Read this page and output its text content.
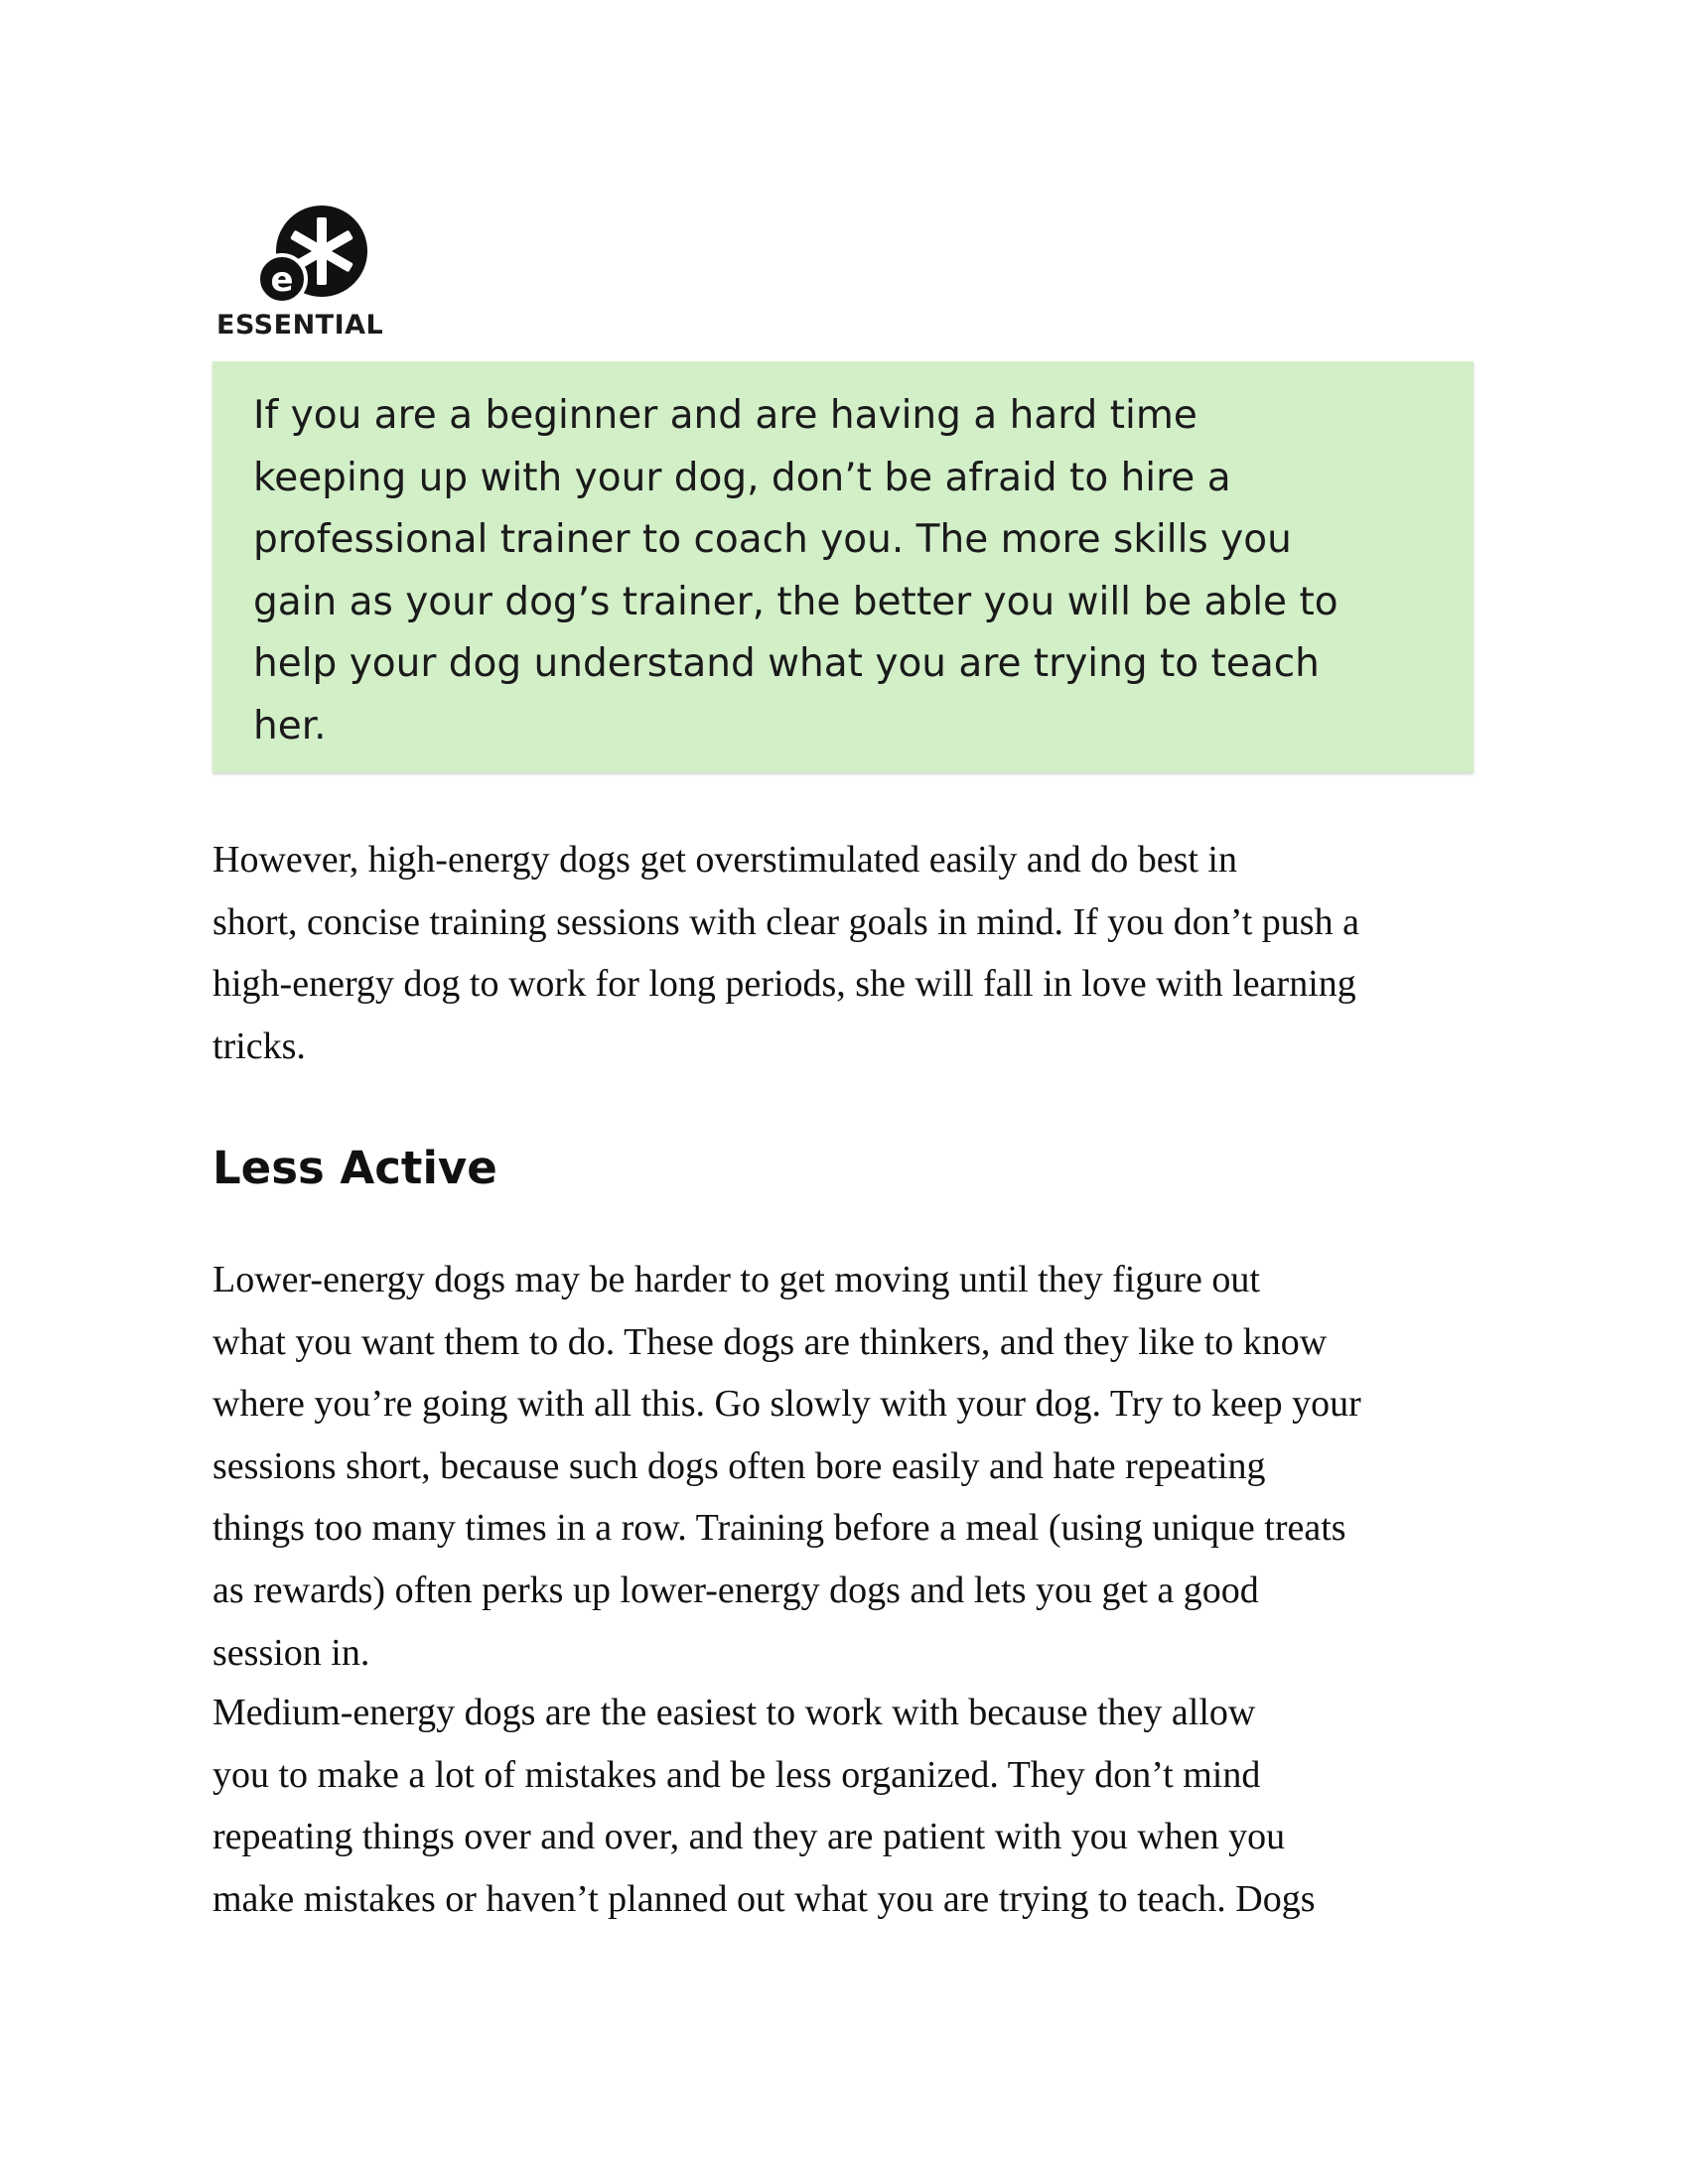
e
ESSENTIAL

If you are a beginner and are having a hard time
keeping up with your dog, don’t be afraid to hire a
professional trainer to coach you. The more skills you
gain as your dog’s trainer, the better you will be able to
help your dog understand what you are trying to teach
her.

However, high-energy dogs get overstimulated easily and do best in
short, concise training sessions with clear goals in mind. If you don’t push a
high-energy dog to work for long periods, she will fall in love with learning
tricks.

Less Active

Lower-energy dogs may be harder to get moving until they figure out
what you want them to do. These dogs are thinkers, and they like to know
where you’re going with all this. Go slowly with your dog. Try to keep your
sessions short, because such dogs often bore easily and hate repeating
things too many times in a row. Training before a meal (using unique treats
as rewards) often perks up lower-energy dogs and lets you get a good
session in.

Medium-energy dogs are the easiest to work with because they allow
you to make a lot of mistakes and be less organized. They don’t mind
repeating things over and over, and they are patient with you when you
make mistakes or haven’t planned out what you are trying to teach. Dogs
